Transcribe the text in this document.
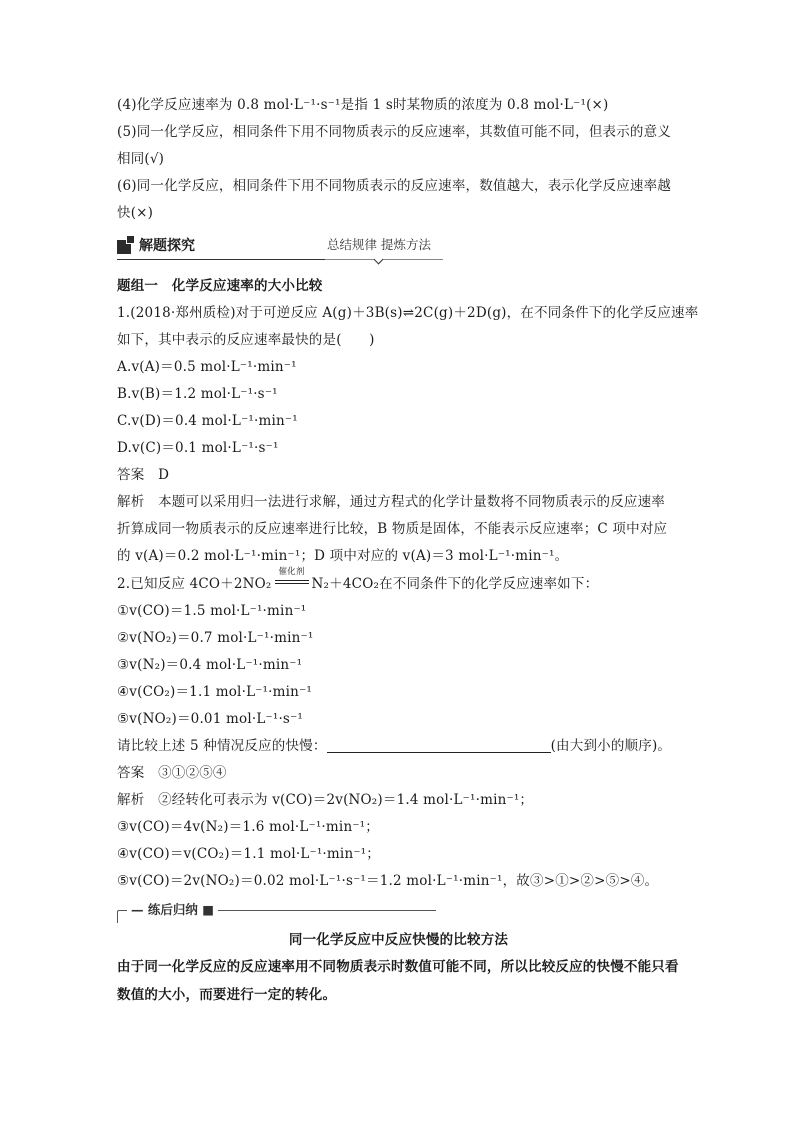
(4)化学反应速率为 0.8 mol·L⁻¹·s⁻¹是指 1 s时某物质的浓度为 0.8 mol·L⁻¹(×)

(5)同一化学反应，相同条件下用不同物质表示的反应速率，其数值可能不同，但表示的意义

相同(√)

(6)同一化学反应，相同条件下用不同物质表示的反应速率，数值越大，表示化学反应速率越

快(×)

解题探究	总结规律 提炼方法

题组一　化学反应速率的大小比较

1.(2018·郑州质检)对于可逆反应 A(g)＋3B(s)⇌2C(g)＋2D(g)，在不同条件下的化学反应速率

如下，其中表示的反应速率最快的是(　　)

A.v(A)＝0.5 mol·L⁻¹·min⁻¹

B.v(B)＝1.2 mol·L⁻¹·s⁻¹

C.v(D)＝0.4 mol·L⁻¹·min⁻¹

D.v(C)＝0.1 mol·L⁻¹·s⁻¹

答案　D

解析　本题可以采用归一法进行求解，通过方程式的化学计量数将不同物质表示的反应速率

折算成同一物质表示的反应速率进行比较，B 物质是固体，不能表示反应速率；C 项中对应

的 v(A)＝0.2 mol·L⁻¹·min⁻¹；D 项中对应的 v(A)＝3 mol·L⁻¹·min⁻¹。

2.已知反应 4CO＋2NO₂
催化剂
N₂＋4CO₂在不同条件下的化学反应速率如下：

①v(CO)＝1.5 mol·L⁻¹·min⁻¹

②v(NO₂)＝0.7 mol·L⁻¹·min⁻¹

③v(N₂)＝0.4 mol·L⁻¹·min⁻¹

④v(CO₂)＝1.1 mol·L⁻¹·min⁻¹

⑤v(NO₂)＝0.01 mol·L⁻¹·s⁻¹

请比较上述 5 种情况反应的快慢：	(由大到小的顺序)。

答案　③①②⑤④

解析　②经转化可表示为 v(CO)＝2v(NO₂)＝1.4 mol·L⁻¹·min⁻¹；

③v(CO)＝4v(N₂)＝1.6 mol·L⁻¹·min⁻¹；

④v(CO)＝v(CO₂)＝1.1 mol·L⁻¹·min⁻¹；

⑤v(CO)＝2v(NO₂)＝0.02 mol·L⁻¹·s⁻¹＝1.2 mol·L⁻¹·min⁻¹，故③>①>②>⑤>④。

— 练后归纳 ■

同一化学反应中反应快慢的比较方法

由于同一化学反应的反应速率用不同物质表示时数值可能不同，所以比较反应的快慢不能只看数值的大小，而要进行一定的转化。
